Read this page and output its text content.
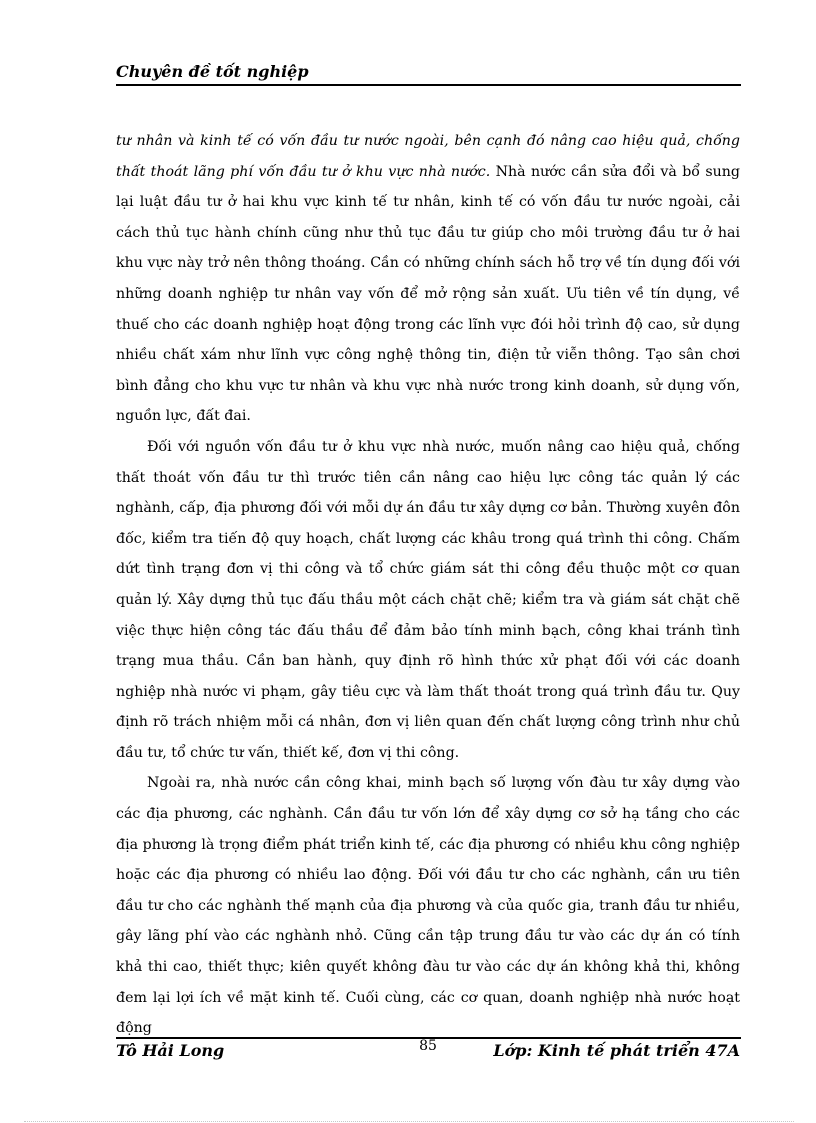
Chuyên đề tốt nghiệp

tư nhân và kinh tế có vốn đầu tư nước ngoài, bên cạnh đó nâng cao hiệu quả, chống thất thoát lãng phí vốn đầu tư ở khu vực nhà nước. Nhà nước cần sửa đổi và bổ sung lại luật đầu tư ở hai khu vực kinh tế tư nhân, kinh tế có vốn đầu tư nước ngoài, cải cách thủ tục hành chính cũng như thủ tục đầu tư giúp cho môi trường đầu tư ở hai khu vực này trở nên thông thoáng. Cần có những chính sách hỗ trợ về tín dụng đối với những doanh nghiệp tư nhân vay vốn để mở rộng sản xuất. Ưu tiên về tín dụng, về thuế cho các doanh nghiệp hoạt động trong các lĩnh vực đói hỏi trình độ cao, sử dụng nhiều chất xám như lĩnh vực công nghệ thông tin, điện tử viễn thông. Tạo sân chơi bình đẳng cho khu vực tư nhân và khu vực nhà nước trong kinh doanh, sử dụng vốn, nguồn lực, đất đai.

Đối với nguồn vốn đầu tư ở khu vực nhà nước, muốn nâng cao hiệu quả, chống thất thoát vốn đầu tư thì trước tiên cần nâng cao hiệu lực công tác quản lý các nghành, cấp, địa phương đối với mỗi dự án đầu tư xây dựng cơ bản. Thường xuyên đôn đốc, kiểm tra tiến độ quy hoạch, chất lượng các khâu trong quá trình thi công. Chấm dứt tình trạng đơn vị thi công và tổ chức giám sát thi công đều thuộc một cơ quan quản lý. Xây dựng thủ tục đấu thầu một cách chặt chẽ; kiểm tra và giám sát chặt chẽ việc thực hiện công tác đấu thầu để đảm bảo tính minh bạch, công khai tránh tình trạng mua thầu. Cần ban hành, quy định rõ hình thức xử phạt đối với các doanh nghiệp nhà nước vi phạm, gây tiêu cực và làm thất thoát trong quá trình đầu tư. Quy định rõ trách nhiệm mỗi cá nhân, đơn vị liên quan đến chất lượng công trình như chủ đầu tư, tổ chức tư vấn, thiết kế, đơn vị thi công.

Ngoài ra, nhà nước cần công khai, minh bạch số lượng vốn đàu tư xây dựng vào các địa phương, các nghành. Cần đầu tư vốn lớn để xây dựng cơ sở hạ tầng cho các địa phương là trọng điểm phát triển kinh tế, các địa phương có nhiều khu công nghiệp hoặc các địa phương có nhiều lao động. Đối với đầu tư cho các nghành, cần ưu tiên đầu tư cho các nghành thế mạnh của địa phương và của quốc gia, tranh đầu tư nhiều, gây lãng phí vào các nghành nhỏ. Cũng cần tập trung đầu tư vào các dự án có tính khả thi cao, thiết thực; kiên quyết không đàu tư vào các dự án không khả thi, không đem lại lợi ích về mặt kinh tế. Cuối cùng, các cơ quan, doanh nghiệp nhà nước hoạt động

Tô Hải Long	85	Lớp: Kinh tế phát triển 47A
